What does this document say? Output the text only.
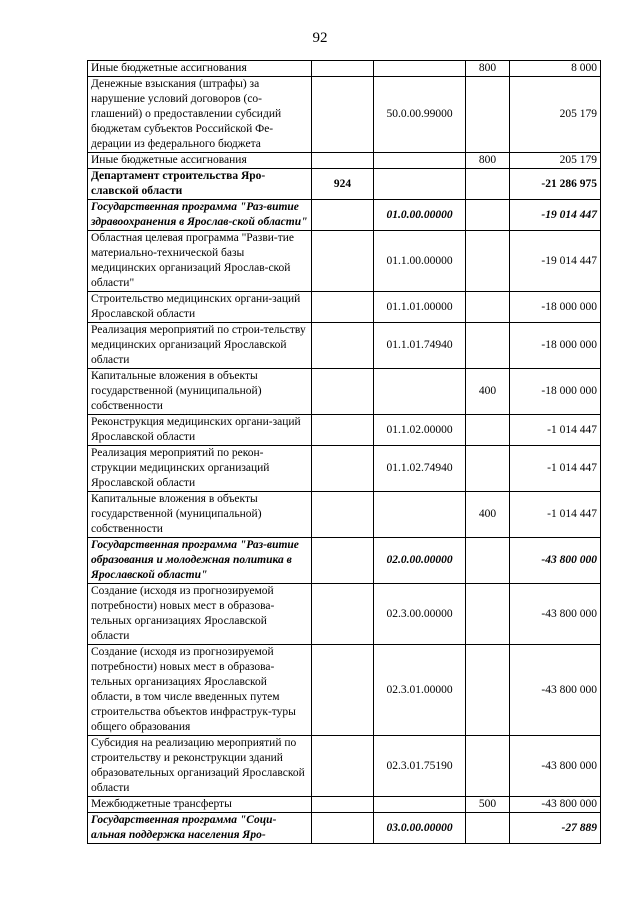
92
Иные бюджетные ассигнования			800	8 000
Денежные взыскания (штрафы) за нарушение условий договоров (со-глашений) о предоставлении субсидий бюджетам субъектов Российской Фе-дерации из федерального бюджета		50.0.00.99000		205 179
Иные бюджетные ассигнования			800	205 179
Департамент строительства Яро-славской области	924			-21 286 975
Государственная программа "Раз-витие здравоохранения в Ярослав-ской области"		01.0.00.00000		-19 014 447
Областная целевая программа "Разви-тие материально-технической базы медицинских организаций Ярослав-ской области"		01.1.00.00000		-19 014 447
Строительство медицинских органи-заций Ярославской области		01.1.01.00000		-18 000 000
Реализация мероприятий по строи-тельству медицинских организаций Ярославской области		01.1.01.74940		-18 000 000
Капитальные вложения в объекты государственной (муниципальной) собственности			400	-18 000 000
Реконструкция медицинских органи-заций Ярославской области		01.1.02.00000		-1 014 447
Реализация мероприятий по рекон-струкции медицинских организаций Ярославской области		01.1.02.74940		-1 014 447
Капитальные вложения в объекты государственной (муниципальной) собственности			400	-1 014 447
Государственная программа "Раз-витие образования и молодежная политика в Ярославской области"		02.0.00.00000		-43 800 000
Создание (исходя из прогнозируемой потребности) новых мест в образова-тельных организациях Ярославской области		02.3.00.00000		-43 800 000
Создание (исходя из прогнозируемой потребности) новых мест в образова-тельных организациях Ярославской области, в том числе введенных путем строительства объектов инфраструк-туры общего образования		02.3.01.00000		-43 800 000
Субсидия на реализацию мероприятий по строительству и реконструкции зданий образовательных организаций Ярославской области		02.3.01.75190		-43 800 000
Межбюджетные трансферты			500	-43 800 000
Государственная программа "Соци-альная поддержка населения Яро-		03.0.00.00000		-27 889
